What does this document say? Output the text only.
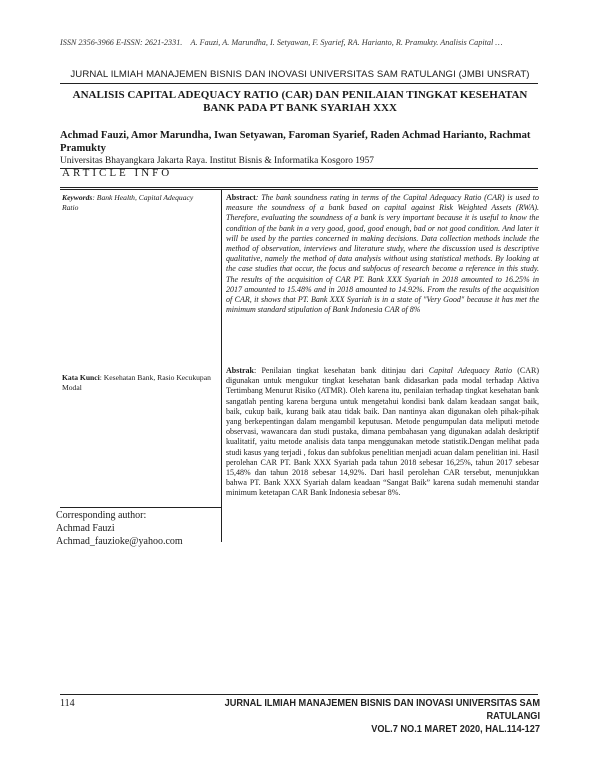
ISSN 2356-3966 E-ISSN: 2621-2331. A. Fauzi, A. Marundha, I. Setyawan, F. Syarief, RA. Harianto, R. Pramukty. Analisis Capital …
JURNAL ILMIAH MANAJEMEN BISNIS DAN INOVASI UNIVERSITAS SAM RATULANGI (JMBI UNSRAT)
ANALISIS CAPITAL ADEQUACY RATIO (CAR) DAN PENILAIAN TINGKAT KESEHATAN BANK PADA PT BANK SYARIAH XXX
Achmad Fauzi, Amor Marundha, Iwan Setyawan, Faroman Syarief, Raden Achmad Harianto, Rachmat Pramukty
Universitas Bhayangkara Jakarta Raya. Institut Bisnis & Informatika Kosgoro 1957
ARTICLE INFO
Keywords: Bank Health, Capital Adequacy Ratio
Kata Kunci: Kesehatan Bank, Rasio Kecukupan Modal
Corresponding author:
Achmad Fauzi
Achmad_fauzioke@yahoo.com
Abstract: The bank soundness rating in terms of the Capital Adequacy Ratio (CAR) is used to measure the soundness of a bank based on capital against Risk Weighted Assets (RWA). Therefore, evaluating the soundness of a bank is very important because it is useful to know the condition of the bank in a very good, good, good enough, bad or not good condition. And later it will be used by the parties concerned in making decisions. Data collection methods include the method of observation, interviews and literature study, where the discussion used is descriptive qualitative, namely the method of data analysis without using statistical methods. By looking at the case studies that occur, the focus and subfocus of research become a reference in this study. The results of the acquisition of CAR PT. Bank XXX Syariah in 2018 amounted to 16.25% in 2017 amounted to 15.48% and in 2018 amounted to 14.92%. From the results of the acquisition of CAR, it shows that PT. Bank XXX Syariah is in a state of "Very Good" because it has met the minimum standard stipulation of Bank Indonesia CAR of 8%
Abstrak: Penilaian tingkat kesehatan bank ditinjau dari Capital Adequacy Ratio (CAR) digunakan untuk mengukur tingkat kesehatan bank didasarkan pada modal terhadap Aktiva Tertimbang Menurut Risiko (ATMR). Oleh karena itu, penilaian terhadap tingkat kesehatan bank sangatlah penting karena berguna untuk mengetahui kondisi bank dalam keadaan sangat baik, baik, cukup baik, kurang baik atau tidak baik. Dan nantinya akan digunakan oleh pihak-pihak yang berkepentingan dalam mengambil keputusan. Metode pengumpulan data meliputi metode observasi, wawancara dan studi pustaka, dimana pembahasan yang digunakan adalah deskriptif kualitatif, yaitu metode analisis data tanpa menggunakan metode statistik.Dengan melihat pada studi kasus yang terjadi , fokus dan subfokus penelitian menjadi acuan dalam penelitian ini. Hasil perolehan CAR PT. Bank XXX Syariah pada tahun 2018 sebesar 16,25%, tahun 2017 sebesar 15,48% dan tahun 2018 sebesar 14,92%. Dari hasil perolehan CAR tersebut, menunjukkan bahwa PT. Bank XXX Syariah dalam keadaan “Sangat Baik” karena sudah memenuhi standar minimum ketetapan CAR Bank Indonesia sebesar 8%.
114	JURNAL ILMIAH MANAJEMEN BISNIS DAN INOVASI UNIVERSITAS SAM RATULANGI
VOL.7 NO.1 MARET 2020, HAL.114-127
